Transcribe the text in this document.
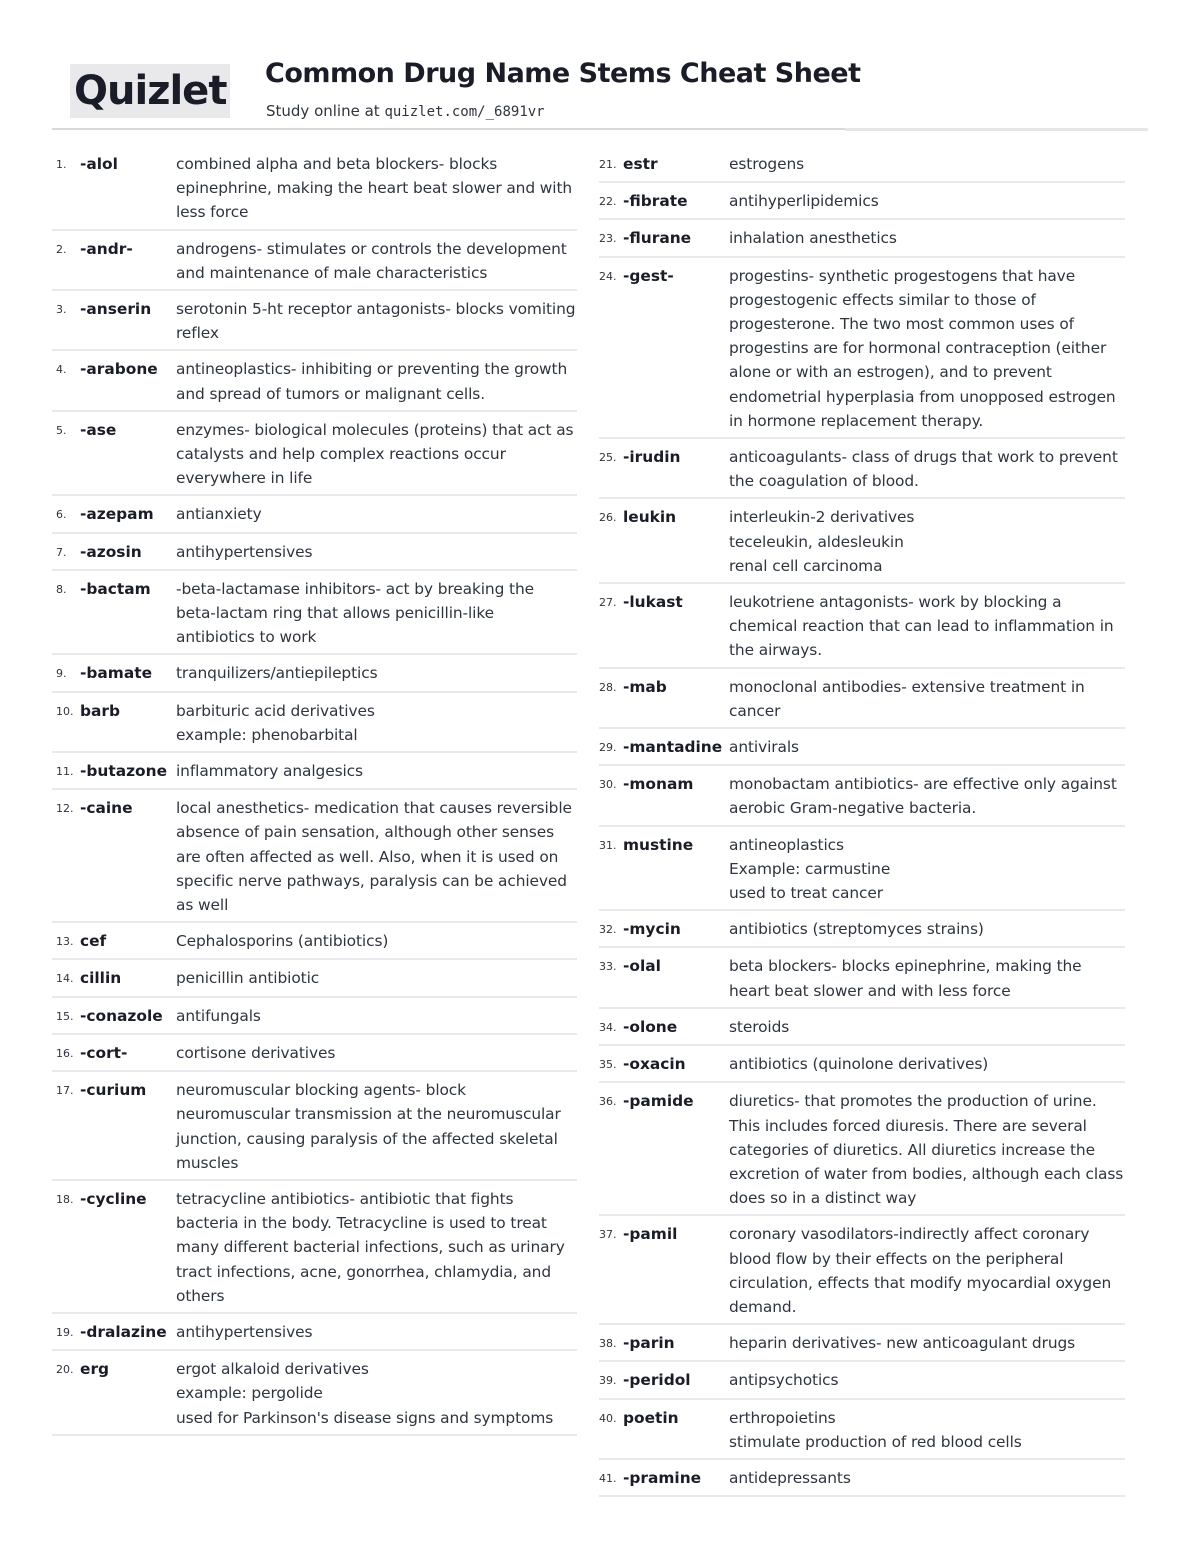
Quizlet Common Drug Name Stems Cheat Sheet
Study online at quizlet.com/_6891vr
1. -alol	combined alpha and beta blockers- blocks epinephrine, making the heart beat slower and with less force
2. -andr-	androgens- stimulates or controls the development and maintenance of male characteristics
3. -anserin	serotonin 5-ht receptor antagonists- blocks vomiting reflex
4. -arabone	antineoplastics- inhibiting or preventing the growth and spread of tumors or malignant cells.
5. -ase	enzymes- biological molecules (proteins) that act as catalysts and help complex reactions occur everywhere in life
6. -azepam	antianxiety
7. -azosin	antihypertensives
8. -bactam	-beta-lactamase inhibitors- act by breaking the beta-lactam ring that allows penicillin-like antibiotics to work
9. -bamate	tranquilizers/antiepileptics
10. barb	barbituric acid derivatives
example: phenobarbital
11. -butazone inflammatory analgesics
12. -caine	local anesthetics- medication that causes reversible absence of pain sensation, although other senses are often affected as well. Also, when it is used on specific nerve pathways, paralysis can be achieved as well
13. cef	Cephalosporins (antibiotics)
14. cillin	penicillin antibiotic
15. -conazole antifungals
16. -cort-	cortisone derivatives
17. -curium	neuromuscular blocking agents- block neuromuscular transmission at the neuromuscular junction, causing paralysis of the affected skeletal muscles
18. -cycline	tetracycline antibiotics- antibiotic that fights bacteria in the body. Tetracycline is used to treat many different bacterial infections, such as urinary tract infections, acne, gonorrhea, chlamydia, and others
19. -dralazine antihypertensives
20. erg	ergot alkaloid derivatives
example: pergolide
used for Parkinson's disease signs and symptoms
21. estr	estrogens
22. -fibrate	antihyperlipidemics
23. -flurane	inhalation anesthetics
24. -gest-	progestins- synthetic progestogens that have progestogenic effects similar to those of progesterone. The two most common uses of progestins are for hormonal contraception (either alone or with an estrogen), and to prevent endometrial hyperplasia from unopposed estrogen in hormone replacement therapy.
25. -irudin	anticoagulants- class of drugs that work to prevent the coagulation of blood.
26. leukin	interleukin-2 derivatives
teceleukin, aldesleukin
renal cell carcinoma
27. -lukast	leukotriene antagonists- work by blocking a chemical reaction that can lead to inflammation in the airways.
28. -mab	monoclonal antibodies- extensive treatment in cancer
29. -mantadine antivirals
30. -monam	monobactam antibiotics- are effective only against aerobic Gram-negative bacteria.
31. mustine	antineoplastics
Example: carmustine
used to treat cancer
32. -mycin	antibiotics (streptomyces strains)
33. -olal	beta blockers- blocks epinephrine, making the heart beat slower and with less force
34. -olone	steroids
35. -oxacin	antibiotics (quinolone derivatives)
36. -pamide	diuretics- that promotes the production of urine. This includes forced diuresis. There are several categories of diuretics. All diuretics increase the excretion of water from bodies, although each class does so in a distinct way
37. -pamil	coronary vasodilators-indirectly affect coronary blood flow by their effects on the peripheral circulation, effects that modify myocardial oxygen demand.
38. -parin	heparin derivatives- new anticoagulant drugs
39. -peridol	antipsychotics
40. poetin	erthropoietins
stimulate production of red blood cells
41. -pramine	antidepressants
